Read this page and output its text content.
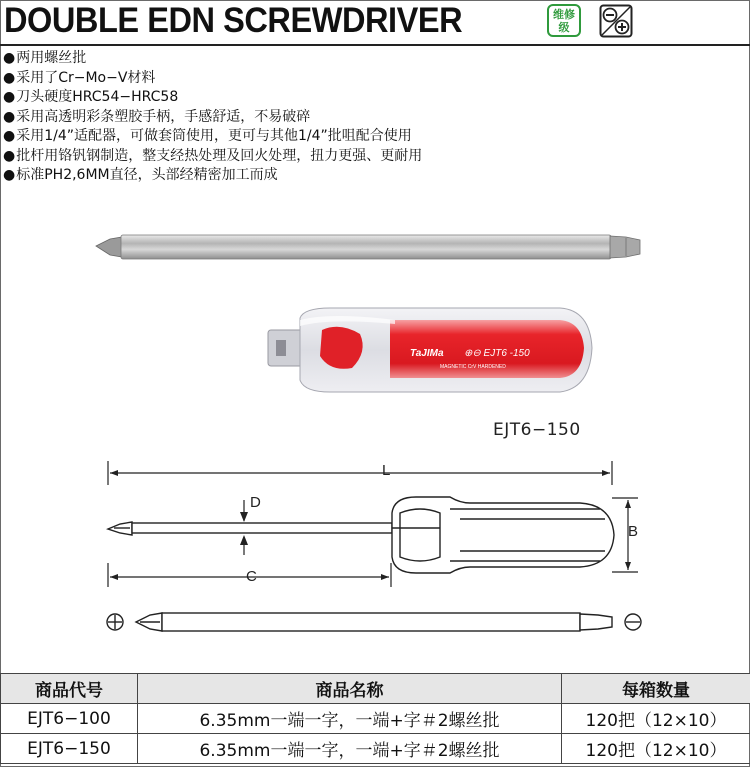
DOUBLE EDN SCREWDRIVER	维修
级
● 两用螺丝批
● 采用了Cr−Mo−V材料
● 刀头硬度HRC54−HRC58
● 采用高透明彩条塑胶手柄，手感舒适，不易破碎
● 采用1/4”适配器，可做套筒使用，更可与其他1/4”批咀配合使用
● 批杆用铬钒钢制造，整支经热处理及回火处理，扭力更强、更耐用
● 标准PH2,6MM直径，头部经精密加工而成
TaJIMa ⊕⊖ EJT6 -150
MAGNETIC CrV HARDENED
EJT6−150
L
D
C
B
商品代号	商品名称	每箱数量
EJT6−100	6.35mm一端一字，一端+字＃2螺丝批	120把（12×10）
EJT6−150	6.35mm一端一字，一端+字＃2螺丝批	120把（12×10）
